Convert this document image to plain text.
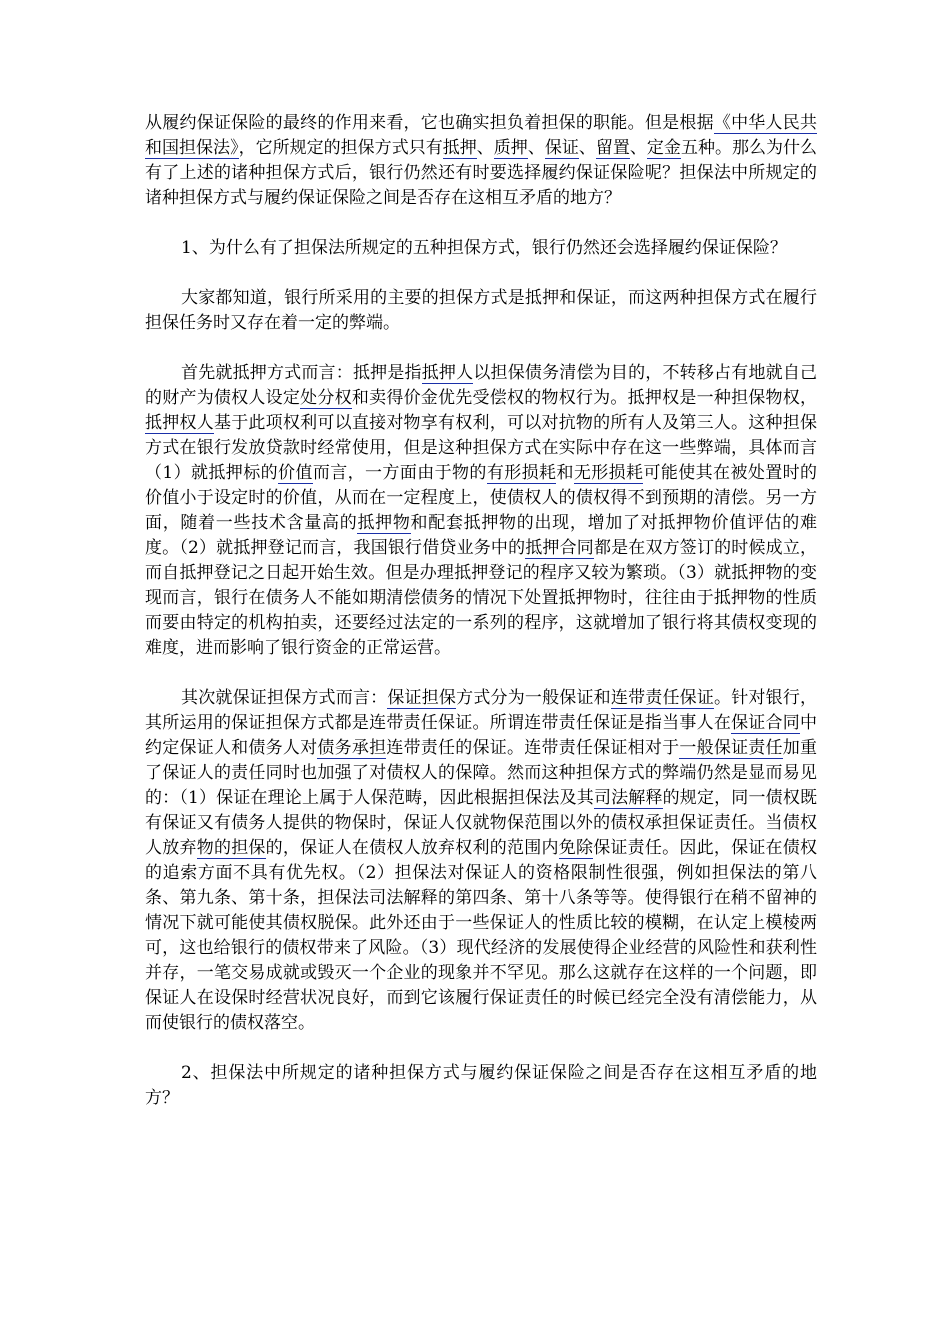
从履约保证保险的最终的作用来看，它也确实担负着担保的职能。但是根据《中华人民共和国担保法》，它所规定的担保方式只有抵押、质押、保证、留置、定金五种。那么为什么有了上述的诸种担保方式后，银行仍然还有时要选择履约保证保险呢？担保法中所规定的诸种担保方式与履约保证保险之间是否存在这相互矛盾的地方？

1、为什么有了担保法所规定的五种担保方式，银行仍然还会选择履约保证保险？

大家都知道，银行所采用的主要的担保方式是抵押和保证，而这两种担保方式在履行担保任务时又存在着一定的弊端。

首先就抵押方式而言：抵押是指抵押人以担保债务清偿为目的，不转移占有地就自己的财产为债权人设定处分权和卖得价金优先受偿权的物权行为。抵押权是一种担保物权，抵押权人基于此项权利可以直接对物享有权利，可以对抗物的所有人及第三人。这种担保方式在银行发放贷款时经常使用，但是这种担保方式在实际中存在这一些弊端，具体而言（1）就抵押标的价值而言，一方面由于物的有形损耗和无形损耗可能使其在被处置时的价值小于设定时的价值，从而在一定程度上，使债权人的债权得不到预期的清偿。另一方面，随着一些技术含量高的抵押物和配套抵押物的出现，增加了对抵押物价值评估的难度。（2）就抵押登记而言，我国银行借贷业务中的抵押合同都是在双方签订的时候成立，而自抵押登记之日起开始生效。但是办理抵押登记的程序又较为繁琐。（3）就抵押物的变现而言，银行在债务人不能如期清偿债务的情况下处置抵押物时，往往由于抵押物的性质而要由特定的机构拍卖，还要经过法定的一系列的程序，这就增加了银行将其债权变现的难度，进而影响了银行资金的正常运营。

其次就保证担保方式而言：保证担保方式分为一般保证和连带责任保证。针对银行，其所运用的保证担保方式都是连带责任保证。所谓连带责任保证是指当事人在保证合同中约定保证人和债务人对债务承担连带责任的保证。连带责任保证相对于一般保证责任加重了保证人的责任同时也加强了对债权人的保障。然而这种担保方式的弊端仍然是显而易见的：（1）保证在理论上属于人保范畴，因此根据担保法及其司法解释的规定，同一债权既有保证又有债务人提供的物保时，保证人仅就物保范围以外的债权承担保证责任。当债权人放弃物的担保的，保证人在债权人放弃权利的范围内免除保证责任。因此，保证在债权的追索方面不具有优先权。（2）担保法对保证人的资格限制性很强，例如担保法的第八条、第九条、第十条，担保法司法解释的第四条、第十八条等等。使得银行在稍不留神的情况下就可能使其债权脱保。此外还由于一些保证人的性质比较的模糊，在认定上模棱两可，这也给银行的债权带来了风险。（3）现代经济的发展使得企业经营的风险性和获利性并存，一笔交易成就或毁灭一个企业的现象并不罕见。那么这就存在这样的一个问题，即保证人在设保时经营状况良好，而到它该履行保证责任的时候已经完全没有清偿能力，从而使银行的债权落空。

2、担保法中所规定的诸种担保方式与履约保证保险之间是否存在这相互矛盾的地方？
